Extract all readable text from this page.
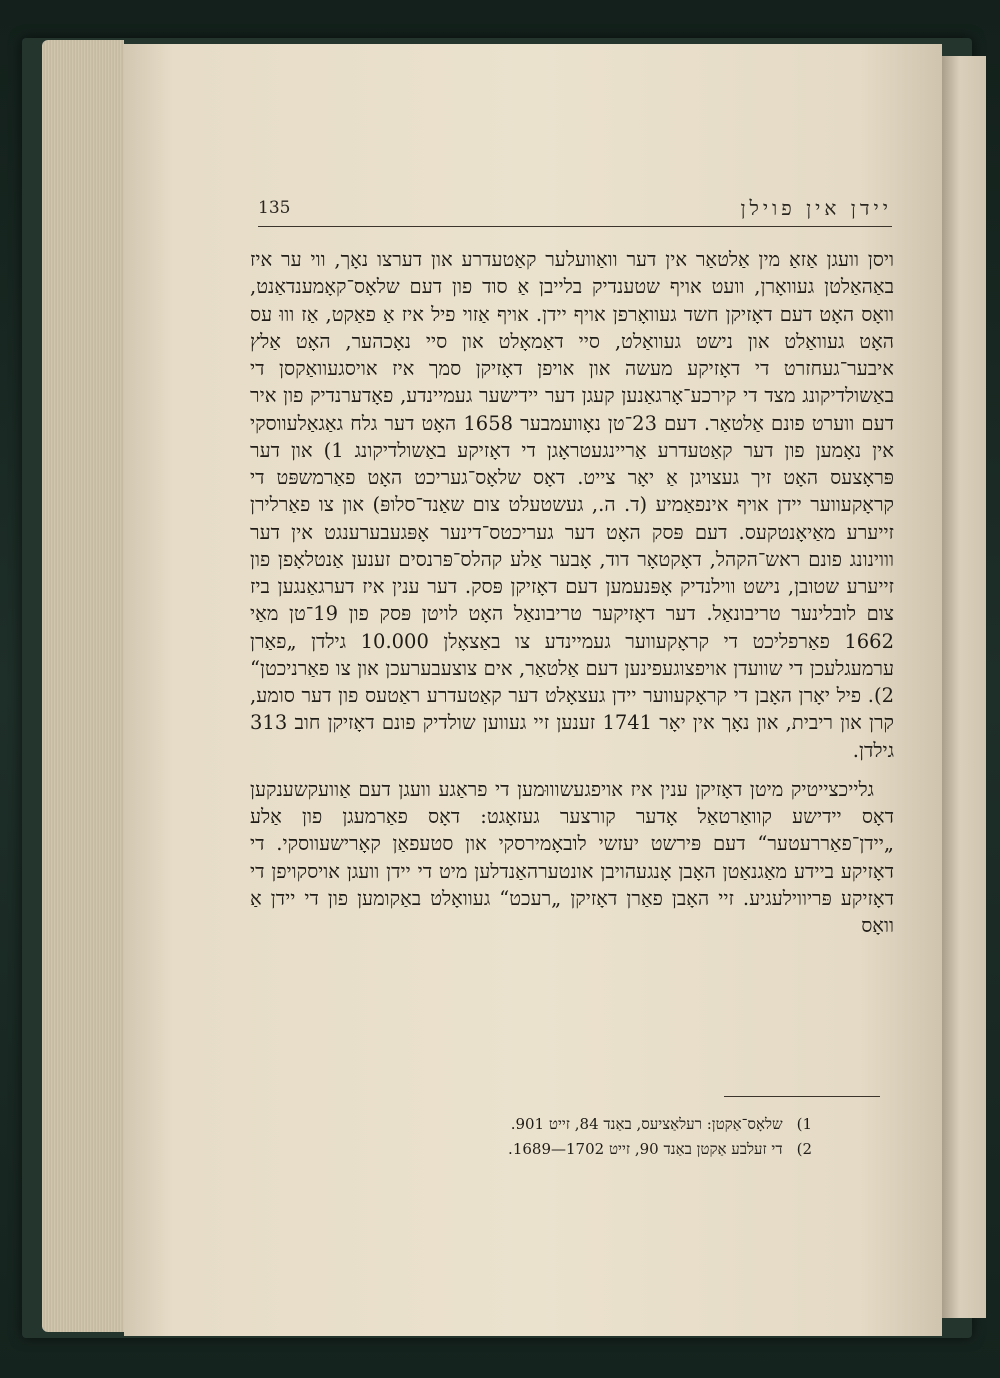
135	יידן אין פוילן

ויסן וועגן אַזאַ מין אַלטאַר אין דער וואַוועלער קאַטעדרע און דערצו נאָך, ווי ער איז באַהאַלטן געוואָרן, וועט אויף שטענדיק בלייבן אַ סוד פון דעם שלאָס־קאָמענדאַנט, וואָס האָט דעם דאָזיקן חשד געוואָרפן אויף יידן. אויף אַזוי פיל איז אַ פאַקט, אַז וווּ עס האָט געוואַלט און נישט געוואַלט, סיי דאַמאָלט און סיי נאָכהער, האָט אַלץ איבער־געחזרט די דאָזיקע מעשה און אויפן דאָזיקן סמך איז אויסגעוואַקסן די באַשולדיקונג מצד די קירכע־אָרגאַנען קעגן דער יידישער געמיינדע, פאָדערנדיק פון איר דעם ווערט פונם אַלטאַר. דעם 23־טן נאָוועמבער 1658 האָט דער גלח גאַגאַלעווסקי אין נאָמען פון דער קאַטעדרע אַריינגעטראָגן די דאָזיקע באַשולדיקונג 1) און דער פּראָצעס האָט זיך געצויגן אַ יאָר צייט. דאָס שלאָס־געריכט האָט פאַרמשפּט די קראָקעווער יידן אויף אינפאַמיע (ד. ה., געשטעלט צום שאַנד־סלופּ) און צו פאַרלירן זייערע מאַיאָנטקעס. דעם פּסק האָט דער געריכטס־דינער אָפּגעבערענגט אין דער וווינונג פונם ראש־הקהל, דאָקטאָר דוד, אָבער אַלע קהלס־פּרנסים זענען אַנטלאָפן פון זייערע שטובן, נישט ווילנדיק אָפּנעמען דעם דאָזיקן פּסק. דער ענין איז דערגאַנגען ביז צום לובלינער טריבונאַל. דער דאָזיקער טריבונאַל האָט לויטן פּסק פון 19־טן מאַי 1662 פאַרפליכט די קראָקעווער געמיינדע צו באַצאָלן 10.000 גילדן „פאַרן ערמעגלעכן די שוועדן אויפצוגעפינען דעם אַלטאַר, אים צוצעבערעכן און צו פאַרניכטן“ 2). פיל יאָרן האָבן די קראָקעווער יידן געצאָלט דער קאַטעדרע ראַטעס פון דער סומע, קרן און ריבית, און נאָך אין יאָר 1741 זענען זיי געווען שולדיק פונם דאָזיקן חוב 313 גילדן.

גלייכצייטיק מיטן דאָזיקן ענין איז אויפגעשוווּמען די פראַגע וועגן דעם אַוועקשענקען דאָס יידישע קוואַרטאַל אָדער קורצער געזאָגט: דאָס פאַרמעגן פון אַלע „יידן־פאַררעטער“ דעם פּירשט יעזשי לובאָמירסקי און סטעפאַן קאָרישעווסקי. די דאָזיקע ביידע מאַגנאַטן האָבן אָנגעהויבן אונטערהאַנדלען מיט די יידן וועגן אויסקויפן די דאָזיקע פּריווילעגיע. זיי האָבן פאַרן דאָזיקן „רעכט“ געוואָלט באַקומען פון די יידן אַ וואָס

1)שלאָס־אַקטן: רעלאַציעס, באַנד 84, זייט 901.
2)די זעלבע אַקטן באַנד 90, זייט 1702—1689.
